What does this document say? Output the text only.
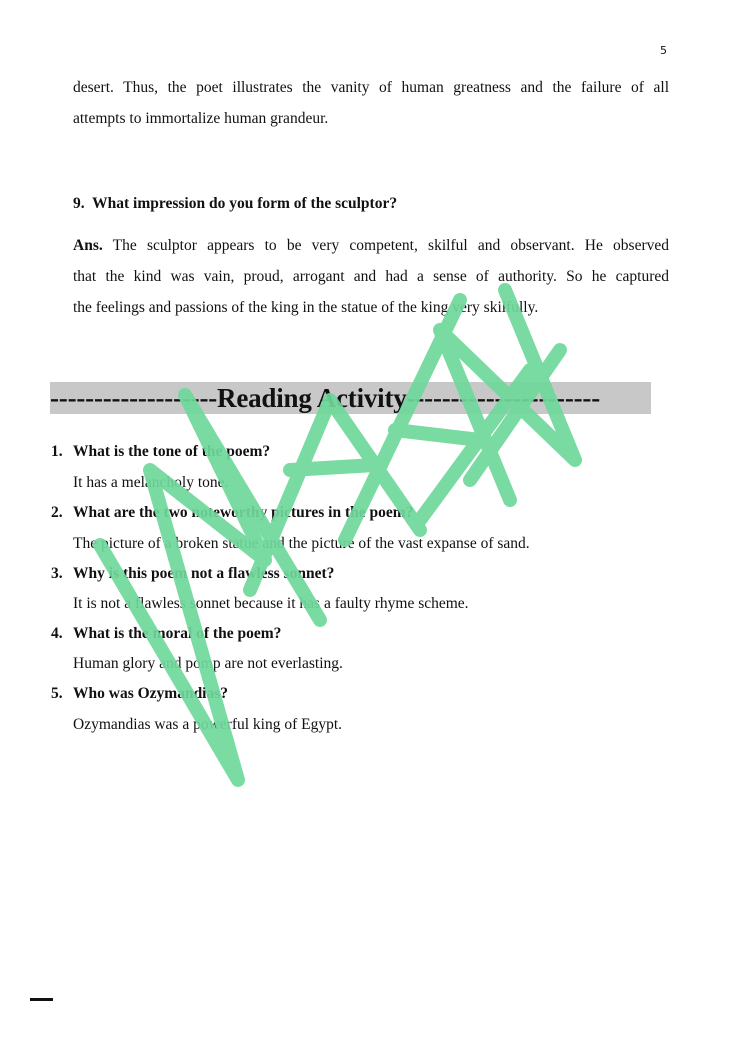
5
desert. Thus, the poet illustrates the vanity of human greatness and the failure of all
attempts to immortalize human grandeur.
9. What impression do you form of the sculptor?
Ans. The sculptor appears to be very competent, skilful and observant. He observed
that the kind was vain, proud, arrogant and had a sense of authority. So he captured
the feelings and passions of the king in the statue of the king very skilfully.
-------------------Reading Activity----------------------
1. What is the tone of the poem?
It has a melancholy tone.
2. What are the two noteworthy pictures in the poem?
The picture of a broken statue and the picture of the vast expanse of sand.
3. Why is this poem not a flawless sonnet?
It is not a flawless sonnet because it has a faulty rhyme scheme.
4. What is the moral of the poem?
Human glory and pomp are not everlasting.
5. Who was Ozymandias?
Ozymandias was a powerful king of Egypt.
